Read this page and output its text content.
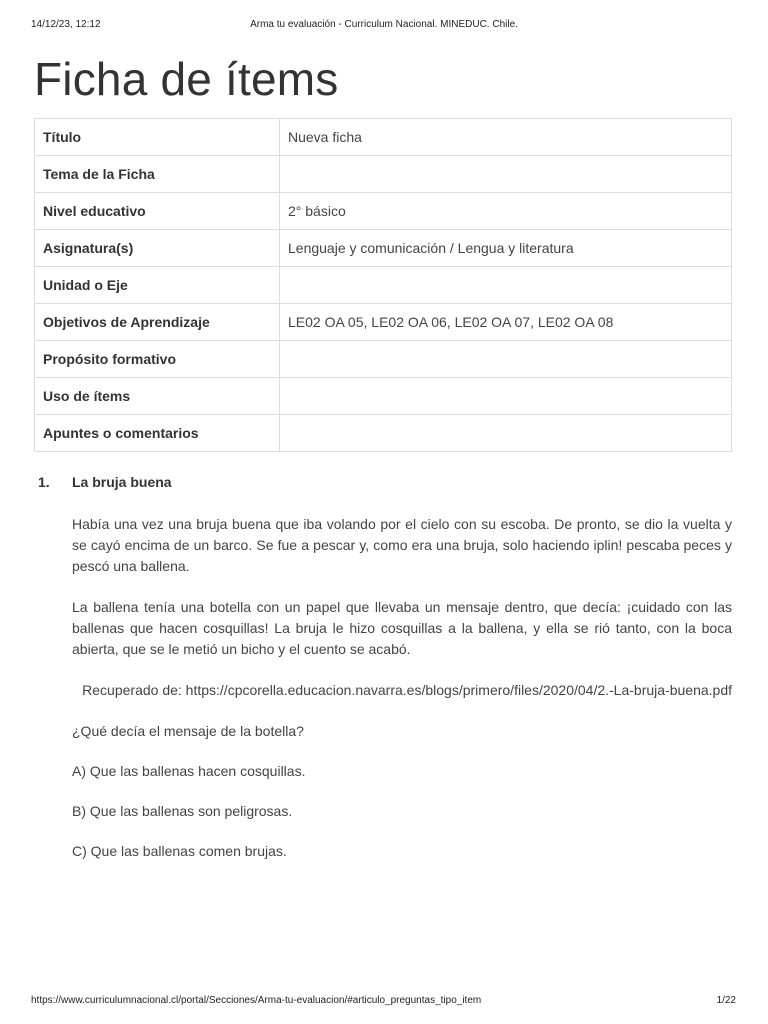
14/12/23, 12:12	Arma tu evaluación - Curriculum Nacional. MINEDUC. Chile.
Ficha de ítems
Título	Nueva ficha
Tema de la Ficha	
Nivel educativo	2° básico
Asignatura(s)	Lenguaje y comunicación / Lengua y literatura
Unidad o Eje	
Objetivos de Aprendizaje	LE02 OA 05, LE02 OA 06, LE02 OA 07, LE02 OA 08
Propósito formativo	
Uso de ítems	
Apuntes o comentarios	
1.	La bruja buena

Había una vez una bruja buena que iba volando por el cielo con su escoba. De pronto, se dio la vuelta y se cayó encima de un barco. Se fue a pescar y, como era una bruja, solo haciendo iplin! pescaba peces y pescó una ballena.

La ballena tenía una botella con un papel que llevaba un mensaje dentro, que decía: ¡cuidado con las ballenas que hacen cosquillas! La bruja le hizo cosquillas a la ballena, y ella se rió tanto, con la boca abierta, que se le metió un bicho y el cuento se acabó.

Recuperado de: https://cpcorella.educacion.navarra.es/blogs/primero/files/2020/04/2.-La-bruja-buena.pdf
¿Qué decía el mensaje de la botella?
A) Que las ballenas hacen cosquillas.
B) Que las ballenas son peligrosas.
C) Que las ballenas comen brujas.
https://www.curriculumnacional.cl/portal/Secciones/Arma-tu-evaluacion/#articulo_preguntas_tipo_item	1/22
